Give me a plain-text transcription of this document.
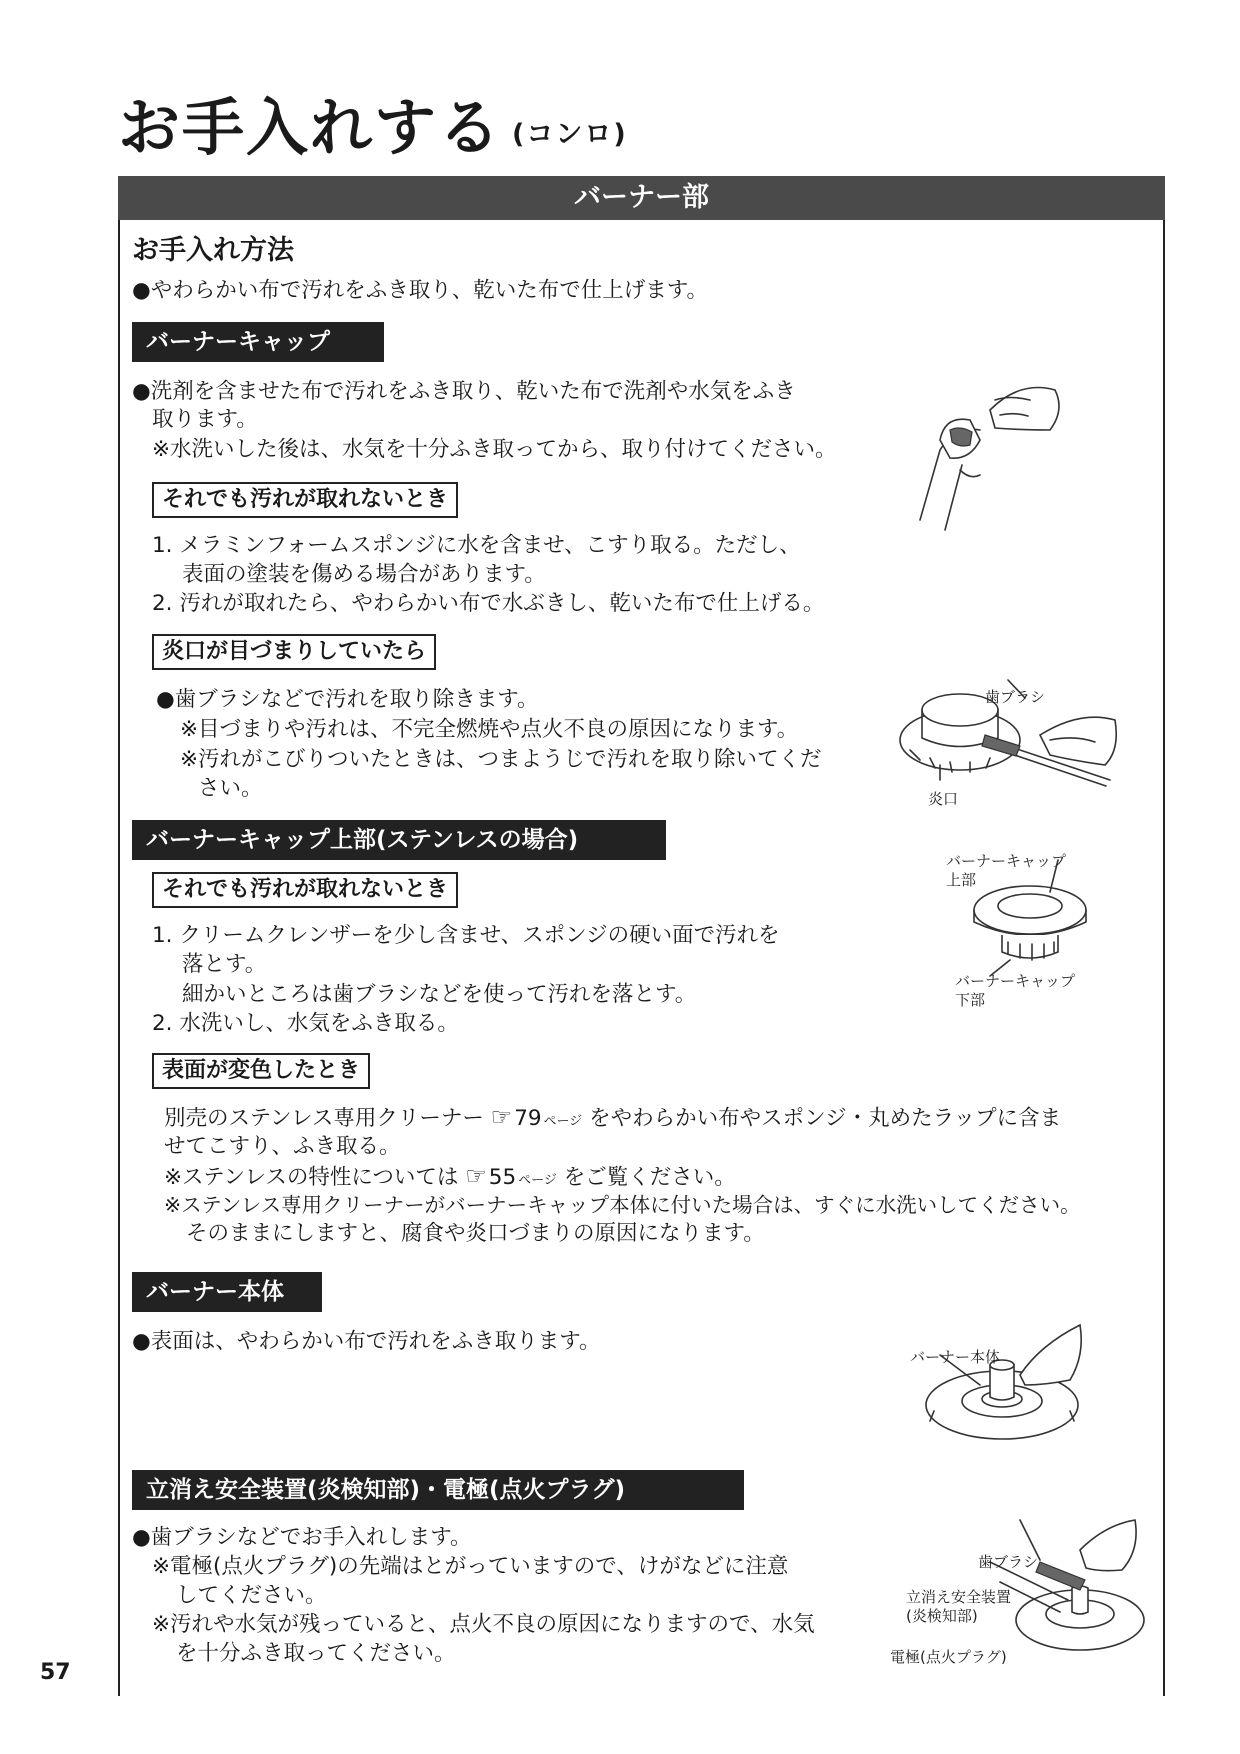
お手入れする (コンロ)
バーナー部
お手入れ方法
●やわらかい布で汚れをふき取り、乾いた布で仕上げます。
バーナーキャップ
●洗剤を含ませた布で汚れをふき取り、乾いた布で洗剤や水気をふき
取ります。
※水洗いした後は、水気を十分ふき取ってから、取り付けてください。
それでも汚れが取れないとき
1. メラミンフォームスポンジに水を含ませ、こすり取る。ただし、
表面の塗装を傷める場合があります。
2. 汚れが取れたら、やわらかい布で水ぶきし、乾いた布で仕上げる。
炎口が目づまりしていたら
●歯ブラシなどで汚れを取り除きます。
※目づまりや汚れは、不完全燃焼や点火不良の原因になります。
※汚れがこびりついたときは、つまようじで汚れを取り除いてくだ
さい。
バーナーキャップ上部(ステンレスの場合)
それでも汚れが取れないとき
1. クリームクレンザーを少し含ませ、スポンジの硬い面で汚れを
落とす。
細かいところは歯ブラシなどを使って汚れを落とす。
2. 水洗いし、水気をふき取る。
表面が変色したとき
別売のステンレス専用クリーナー ☞ 79 ページ をやわらかい布やスポンジ・丸めたラップに含ま
せてこすり、ふき取る。
※ステンレスの特性については ☞ 55 ページ をご覧ください。
※ステンレス専用クリーナーがバーナーキャップ本体に付いた場合は、すぐに水洗いしてください。
そのままにしますと、腐食や炎口づまりの原因になります。
バーナー本体
●表面は、やわらかい布で汚れをふき取ります。
立消え安全装置(炎検知部)・電極(点火プラグ)
●歯ブラシなどでお手入れします。
※電極(点火プラグ)の先端はとがっていますので、けがなどに注意
してください。
※汚れや水気が残っていると、点火不良の原因になりますので、水気
を十分ふき取ってください。
57
歯ブラシ
炎口
バーナーキャップ
上部
バーナーキャップ
下部
バーナー本体
歯ブラシ
立消え安全装置
(炎検知部)
電極(点火プラグ)
